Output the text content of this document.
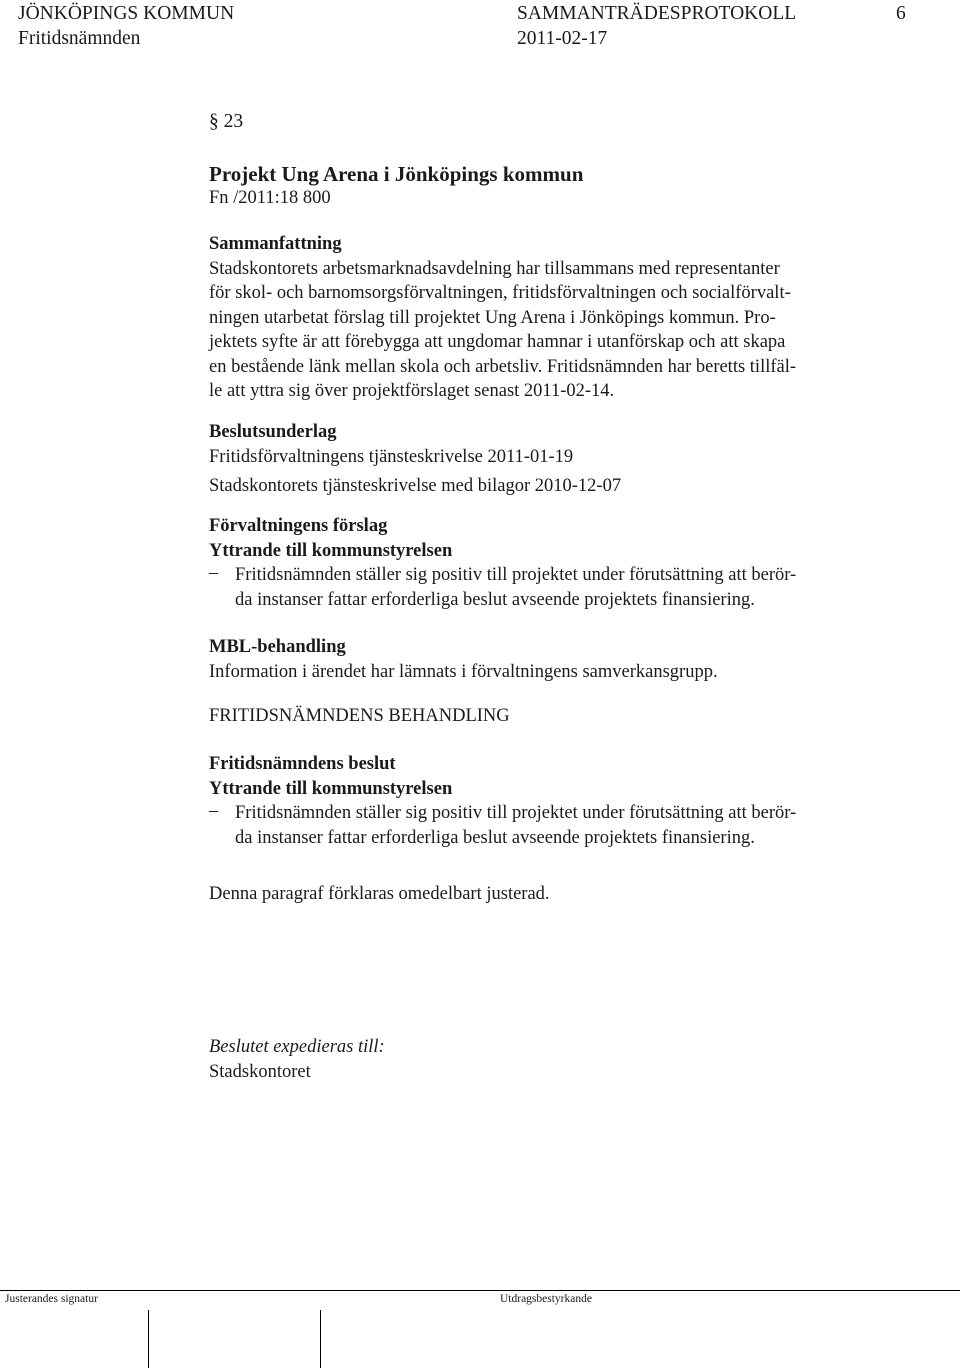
JÖNKÖPINGS KOMMUN	SAMMANTRÄDESPROTOKOLL	6
Fritidsnämnden	2011-02-17
§ 23
Projekt Ung Arena i Jönköpings kommun
Fn /2011:18 800
Sammanfattning
Stadskontorets arbetsmarknadsavdelning har tillsammans med representanter
för skol- och barnomsorgsförvaltningen, fritidsförvaltningen och socialförvalt-
ningen utarbetat förslag till projektet Ung Arena i Jönköpings kommun. Pro-
jektets syfte är att förebygga att ungdomar hamnar i utanförskap och att skapa
en bestående länk mellan skola och arbetsliv. Fritidsnämnden har beretts tillfäl-
le att yttra sig över projektförslaget senast 2011-02-14.
Beslutsunderlag
Fritidsförvaltningens tjänsteskrivelse 2011-01-19
Stadskontorets tjänsteskrivelse med bilagor 2010-12-07
Förvaltningens förslag
Yttrande till kommunstyrelsen
– Fritidsnämnden ställer sig positiv till projektet under förutsättning att berör-
da instanser fattar erforderliga beslut avseende projektets finansiering.
MBL-behandling
Information i ärendet har lämnats i förvaltningens samverkansgrupp.
FRITIDSNÄMNDENS BEHANDLING
Fritidsnämndens beslut
Yttrande till kommunstyrelsen
– Fritidsnämnden ställer sig positiv till projektet under förutsättning att berör-
da instanser fattar erforderliga beslut avseende projektets finansiering.
Denna paragraf förklaras omedelbart justerad.
Beslutet expedieras till:
Stadskontoret
Justerandes signatur	Utdragsbestyrkande
